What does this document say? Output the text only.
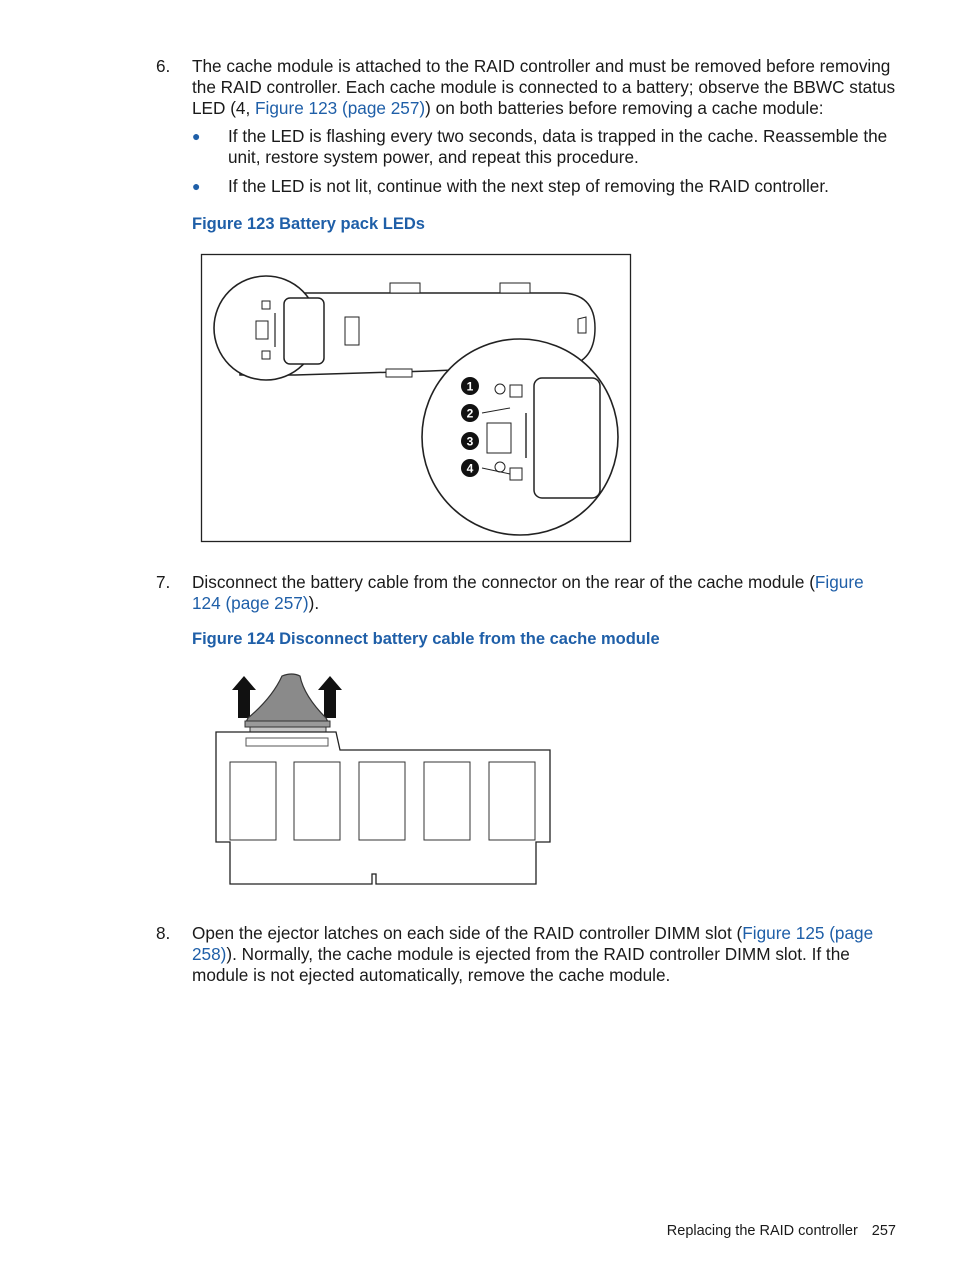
6. The cache module is attached to the RAID controller and must be removed before removing the RAID controller. Each cache module is connected to a battery; observe the BBWC status LED (4, Figure 123 (page 257)) on both batteries before removing a cache module:
● If the LED is flashing every two seconds, data is trapped in the cache. Reassemble the unit, restore system power, and repeat this procedure.
● If the LED is not lit, continue with the next step of removing the RAID controller.
Figure 123 Battery pack LEDs
1
2
3
4
7. Disconnect the battery cable from the connector on the rear of the cache module (Figure 124 (page 257)).
Figure 124 Disconnect battery cable from the cache module
8. Open the ejector latches on each side of the RAID controller DIMM slot (Figure 125 (page 258)). Normally, the cache module is ejected from the RAID controller DIMM slot. If the module is not ejected automatically, remove the cache module.
Replacing the RAID controller 257
